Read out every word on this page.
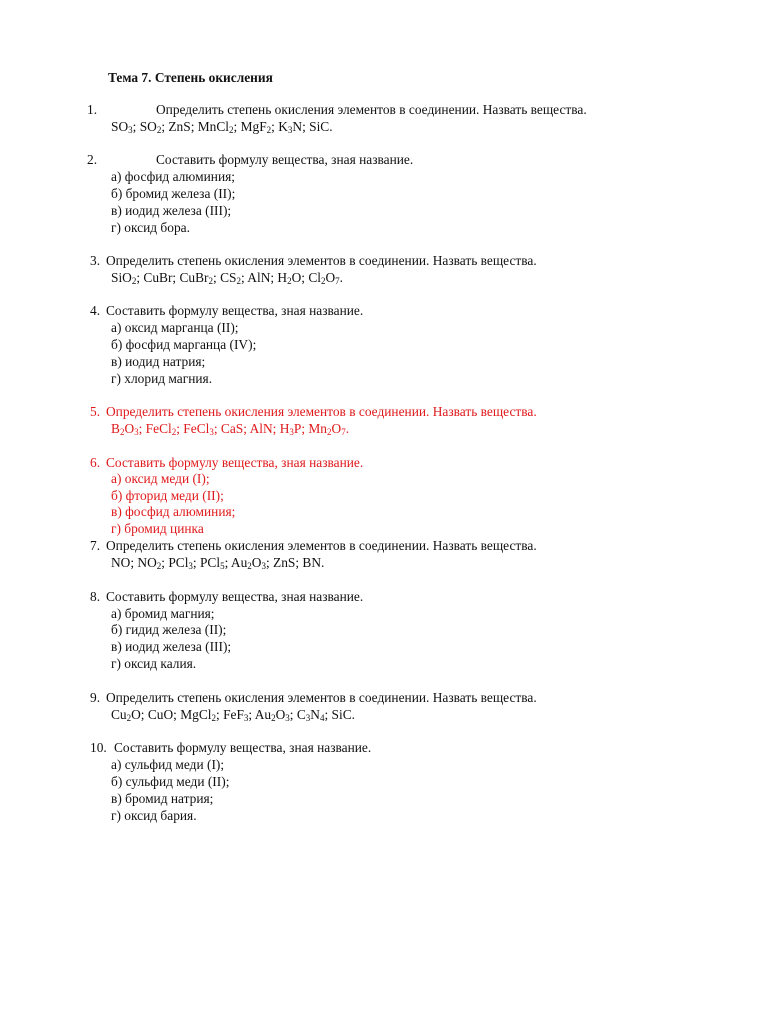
Тема 7. Степень окисления
1.	Определить степень окисления элементов в соединении. Назвать вещества.
$SO_3$; $SO_2$; ZnS; MnCl$_2$; MgF$_2$; $K_3N$; SiC.
2.	Составить формулу вещества, зная название.
а) фосфид алюминия;
б) бромид железа (II);
в) иодид железа (III);
г) оксид бора.
3. Определить степень окисления элементов в соединении. Назвать вещества.
SiO$_2$; CuBr; CuBr$_2$; $CS_2$; AlN; $H_2O$; $Cl_2O_7$.
4. Составить формулу вещества, зная название.
а) оксид марганца (II);
б) фосфид марганца (IV);
в) иодид натрия;
г) хлорид магния.
5. Определить степень окисления элементов в соединении. Назвать вещества.
$B_2O_3$; FeCl$_2$; FeCl$_3$; CaS; AlN; $H_3P$; $Mn_2O_7$.
6. Составить формулу вещества, зная название.
а) оксид меди (I);
б) фторид меди (II);
в) фосфид алюминия;
г) бромид цинка
7. Определить степень окисления элементов в соединении. Назвать вещества.
NO; $NO_2$; PCl$_3$; PCl$_5$; $Au_2O_3$; ZnS; BN.
8. Составить формулу вещества, зная название.
а) бромид магния;
б) гидид железа (II);
в) иодид железа (III);
г) оксид калия.
9. Определить степень окисления элементов в соединении. Назвать вещества.
$Cu_2O$; CuO; MgCl$_2$; FeF$_3$; $Au_2O_3$; $C_3N_4$; SiC.
10. Составить формулу вещества, зная название.
а) сульфид меди (I);
б) сульфид меди (II);
в) бромид натрия;
г) оксид бария.
